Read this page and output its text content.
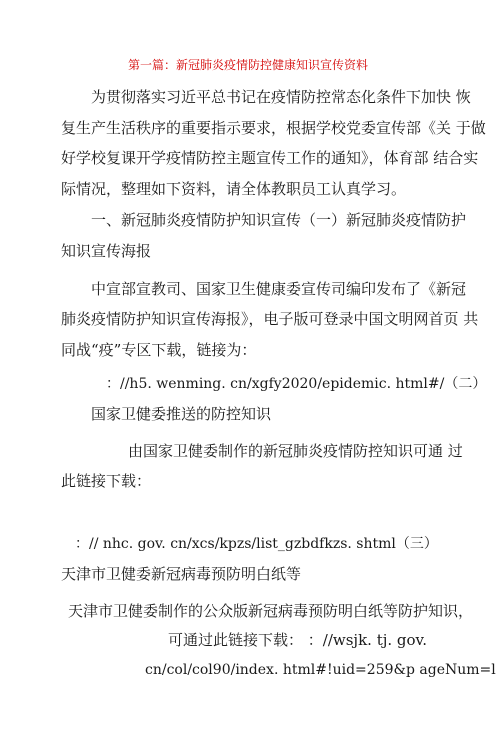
第一篇：新冠肺炎疫情防控健康知识宣传资料
为贯彻落实习近平总书记在疫情防控常态化条件下加快 恢
复生产生活秩序的重要指示要求，根据学校党委宣传部《关 于做
好学校复课开学疫情防控主题宣传工作的通知》，体育部 结合实
际情况，整理如下资料，请全体教职员工认真学习。
一、新冠肺炎疫情防护知识宣传（一）新冠肺炎疫情防护
知识宣传海报
中宣部宣教司、国家卫生健康委宣传司编印发布了《新冠
肺炎疫情防护知识宣传海报》，电子版可登录中国文明网首页 共
同战“疫”专区下载，链接为：
：//h5. wenming. cn/xgfy2020/epidemic. html#/（二）
国家卫健委推送的防控知识
由国家卫健委制作的新冠肺炎疫情防控知识可通 过
此链接下载：
：// nhc. gov. cn/xcs/kpzs/list_gzbdfkzs. shtml（三）
天津市卫健委新冠病毒预防明白纸等
天津市卫健委制作的公众版新冠病毒预防明白纸等防护知识，
可通过此链接下载： ：//wsjk. tj. gov.
cn/col/col90/index. html#!uid=259&p ageNum=l
